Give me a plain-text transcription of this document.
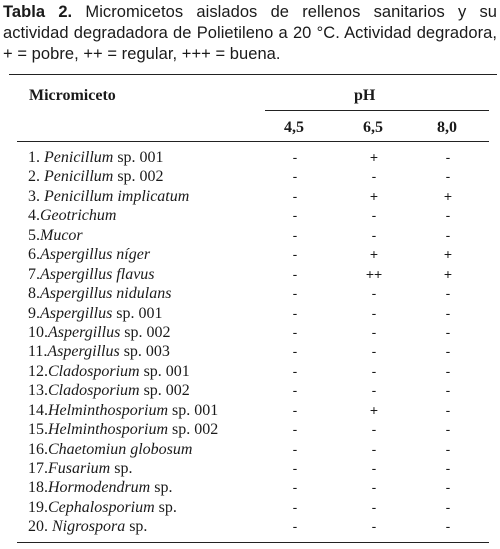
Tabla 2. Micromicetos aislados de rellenos sanitarios y su actividad degradadora de Polietileno a 20 °C. Actividad degradora, + = pobre, ++ = regular, +++ = buena.
Micromiceto	pH
4,5	6,5	8,0
1. Penicillum sp. 001	-	+	-
2. Penicillum sp. 002	-	-	-
3. Penicillum implicatum	-	+	+
4.Geotrichum	-	-	-
5.Mucor	-	-	-
6.Aspergillus níger	-	+	+
7.Aspergillus flavus	-	++	+
8.Aspergillus nidulans	-	-	-
9.Aspergillus sp. 001	-	-	-
10.Aspergillus sp. 002	-	-	-
11.Aspergillus sp. 003	-	-	-
12.Cladosporium sp. 001	-	-	-
13.Cladosporium sp. 002	-	-	-
14.Helminthosporium sp. 001	-	+	-
15.Helminthosporium sp. 002	-	-	-
16.Chaetomiun globosum	-	-	-
17.Fusarium sp.	-	-	-
18.Hormodendrum sp.	-	-	-
19.Cephalosporium sp.	-	-	-
20. Nigrospora sp.	-	-	-
